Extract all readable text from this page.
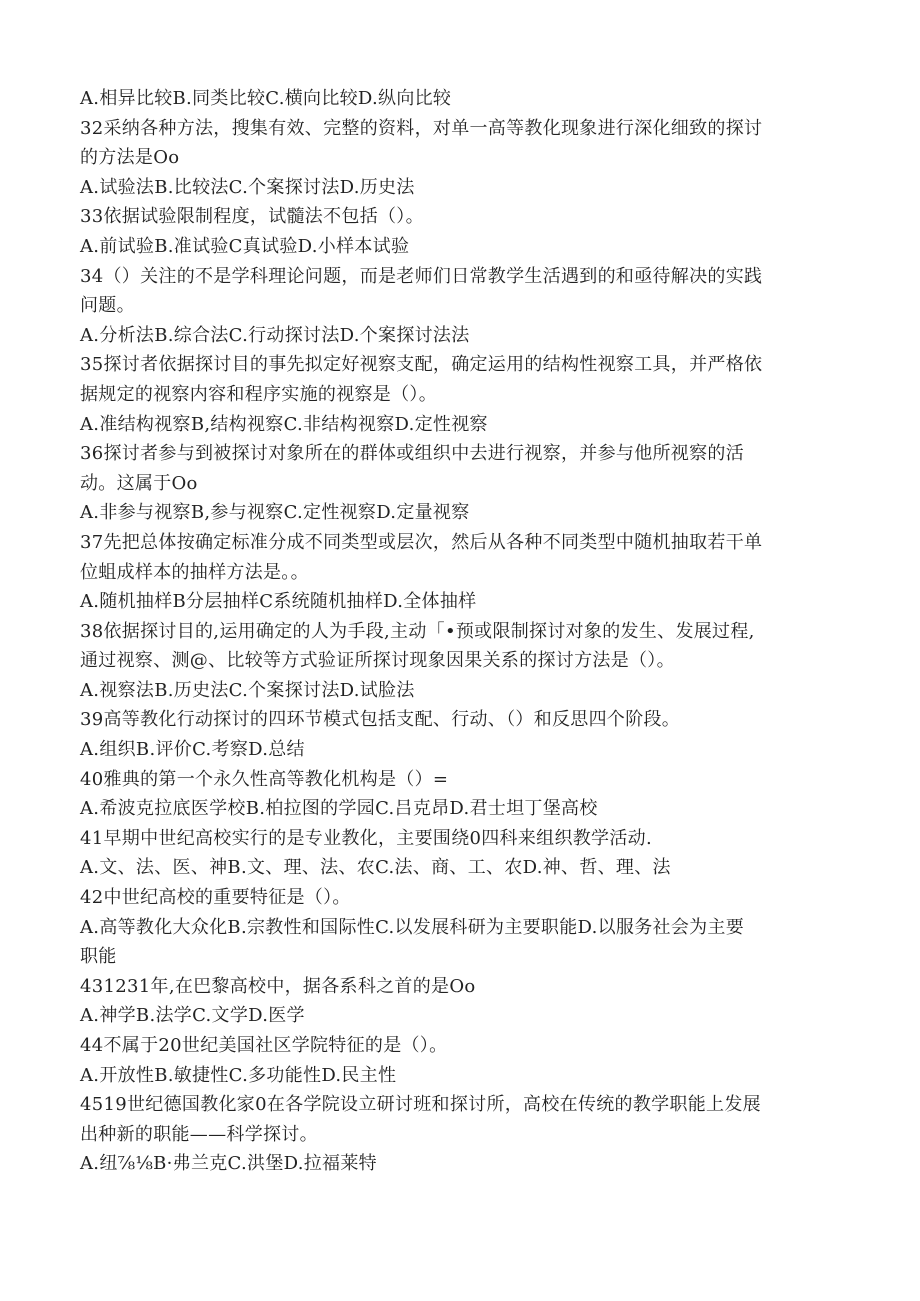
A.相异比较B.同类比较C.横向比较D.纵向比较

32采纳各种方法，搜集有效、完整的资料，对单一高等教化现象进行深化细致的探讨

的方法是Oo

A.试验法B.比较法C.个案探讨法D.历史法

33依据试验限制程度，试髓法不包括（）。

A.前试验B.准试验C真试验D.小样本试验

34（）关注的不是学科理论问题，而是老师们日常教学生活遇到的和亟待解决的实践

问题。

A.分析法B.综合法C.行动探讨法D.个案探讨法法

35探讨者依据探讨目的事先拟定好视察支配，确定运用的结构性视察工具，并严格依

据规定的视察内容和程序实施的视察是（）。

A.准结构视察B,结构视察C.非结构视察D.定性视察

36探讨者参与到被探讨对象所在的群体或组织中去进行视察，并参与他所视察的活

动。这属于Oo

A.非参与视察B,参与视察C.定性视察D.定量视察

37先把总体按确定标准分成不同类型或层次，然后从各种不同类型中随机抽取若干单

位蛆成样本的抽样方法是。。

A.随机抽样B分层抽样C系统随机抽样D.全体抽样

38依据探讨目的,运用确定的人为手段,主动「•预或限制探讨对象的发生、发展过程,

通过视察、测@、比较等方式验证所探讨现象因果关系的探讨方法是（）。

A.视察法B.历史法C.个案探讨法D.试脸法

39高等教化行动探讨的四环节模式包括支配、行动、（）和反思四个阶段。

A.组织B.评价C.考察D.总结

40雅典的第一个永久性高等教化机构是（）=

A.希波克拉底医学校B.柏拉图的学园C.吕克昂D.君士坦丁堡高校

41早期中世纪高校实行的是专业教化，主要围绕0四科来组织教学活动.

A.文、法、医、神B.文、理、法、农C.法、商、工、农D.神、哲、理、法

42中世纪高校的重要特征是（）。

A.高等教化大众化B.宗教性和国际性C.以发展科研为主要职能D.以服务社会为主要

职能

431231年,在巴黎高校中，据各系科之首的是Oo

A.神学B.法学C.文学D.医学

44不属于20世纪美国社区学院特征的是（）。

A.开放性B.敏捷性C.多功能性D.民主性

4519世纪德国教化家0在各学院设立研讨班和探讨所，高校在传统的教学职能上发展

出种新的职能——科学探讨。

A.纽⅞⅛B·弗兰克C.洪堡D.拉福莱特
